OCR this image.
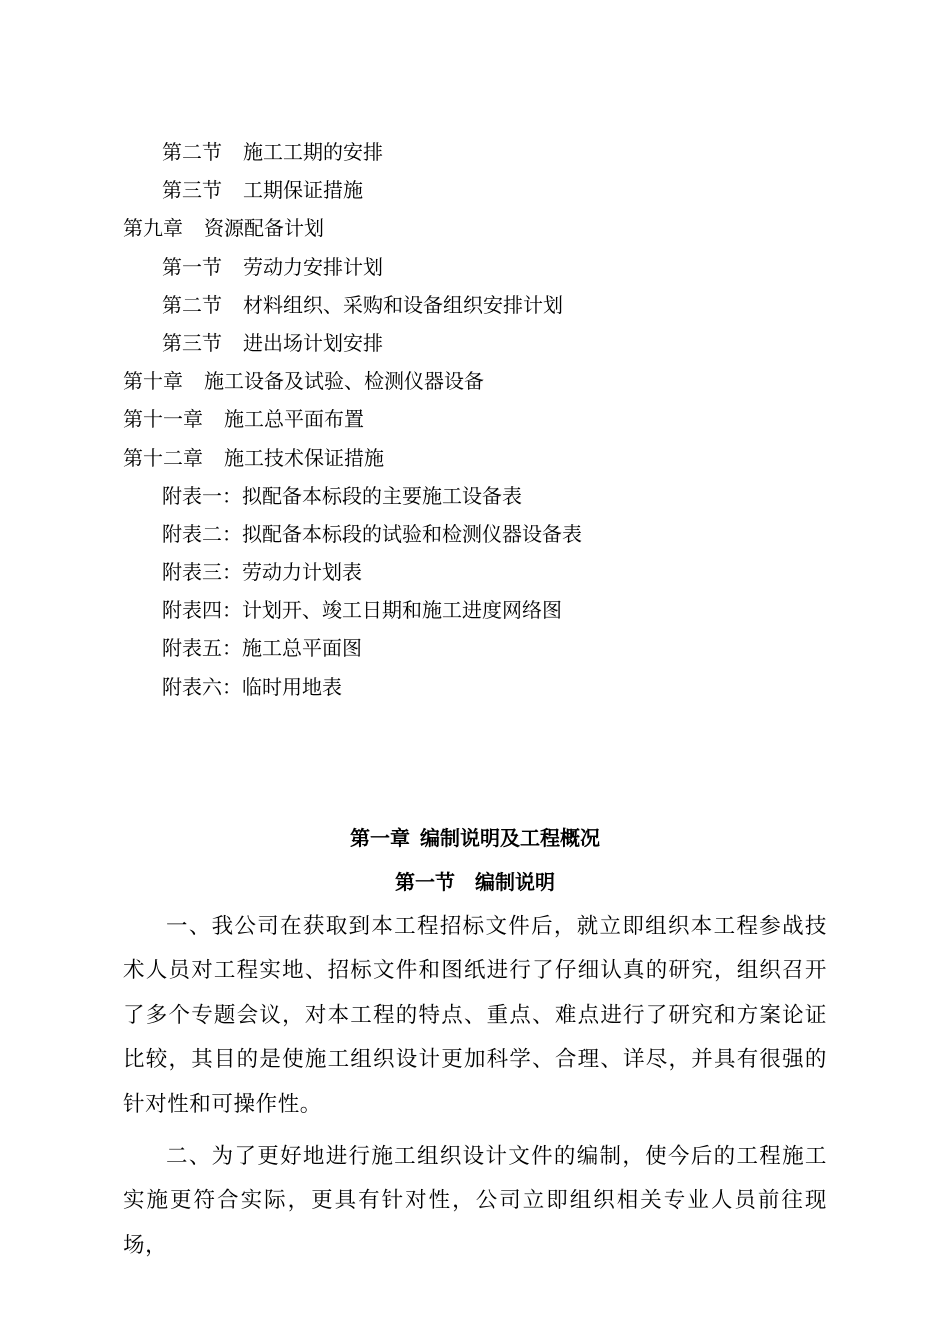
第二节 施工工期的安排
第三节 工期保证措施
第九章 资源配备计划
第一节 劳动力安排计划
第二节 材料组织、采购和设备组织安排计划
第三节 进出场计划安排
第十章 施工设备及试验、检测仪器设备
第十一章 施工总平面布置
第十二章 施工技术保证措施
附表一：拟配备本标段的主要施工设备表
附表二：拟配备本标段的试验和检测仪器设备表
附表三：劳动力计划表
附表四：计划开、竣工日期和施工进度网络图
附表五：施工总平面图
附表六：临时用地表
第一章 编制说明及工程概况
第一节 编制说明

一、我公司在获取到本工程招标文件后，就立即组织本工程参战技术人员对工程实地、招标文件和图纸进行了仔细认真的研究，组织召开了多个专题会议，对本工程的特点、重点、难点进行了研究和方案论证比较，其目的是使施工组织设计更加科学、合理、详尽，并具有很强的针对性和可操作性。

二、为了更好地进行施工组织设计文件的编制，使今后的工程施工实施更符合实际，更具有针对性，公司立即组织相关专业人员前往现场，
